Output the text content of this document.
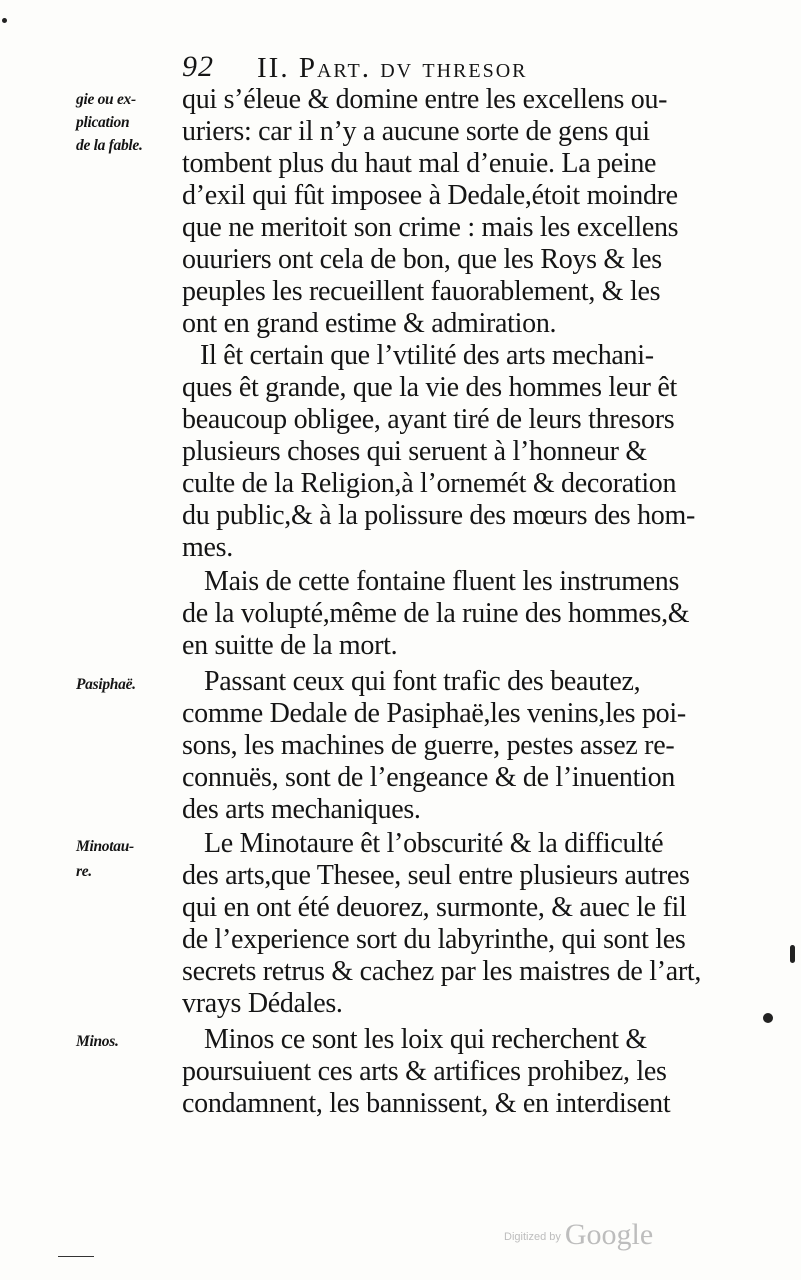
92 II. Part. dv thresor
gie ou ex-
plication
de la fable.
Pasiphaë.
Minotau-
re.
Minos.
qui s’éleue & domine entre les excellens ou-
uriers: car il n’y a aucune sorte de gens qui
tombent plus du haut mal d’enuie. La peine
d’exil qui fût imposee à Dedale,étoit moindre
que ne meritoit son crime : mais les excellens
ouuriers ont cela de bon, que les Roys & les
peuples les recueillent fauorablement, & les
ont en grand estime & admiration.
Il êt certain que l’vtilité des arts mechani-
ques êt grande, que la vie des hommes leur êt
beaucoup obligee, ayant tiré de leurs thresors
plusieurs choses qui seruent à l’honneur &
culte de la Religion,à l’ornemét & decoration
du public,& à la polissure des mœurs des hom-
mes.
Mais de cette fontaine fluent les instrumens
de la volupté,même de la ruine des hommes,&
en suitte de la mort.
Passant ceux qui font trafic des beautez,
comme Dedale de Pasiphaë,les venins,les poi-
sons, les machines de guerre, pestes assez re-
connuës, sont de l’engeance & de l’inuention
des arts mechaniques.
Le Minotaure êt l’obscurité & la difficulté
des arts,que Thesee, seul entre plusieurs autres
qui en ont été deuorez, surmonte, & auec le fil
de l’experience sort du labyrinthe, qui sont les
secrets retrus & cachez par les maistres de l’art,
vrays Dédales.
Minos ce sont les loix qui recherchent &
poursuiuent ces arts & artifices prohibez, les
condamnent, les bannissent, & en interdisent
$^{Digitized by}$ Google
